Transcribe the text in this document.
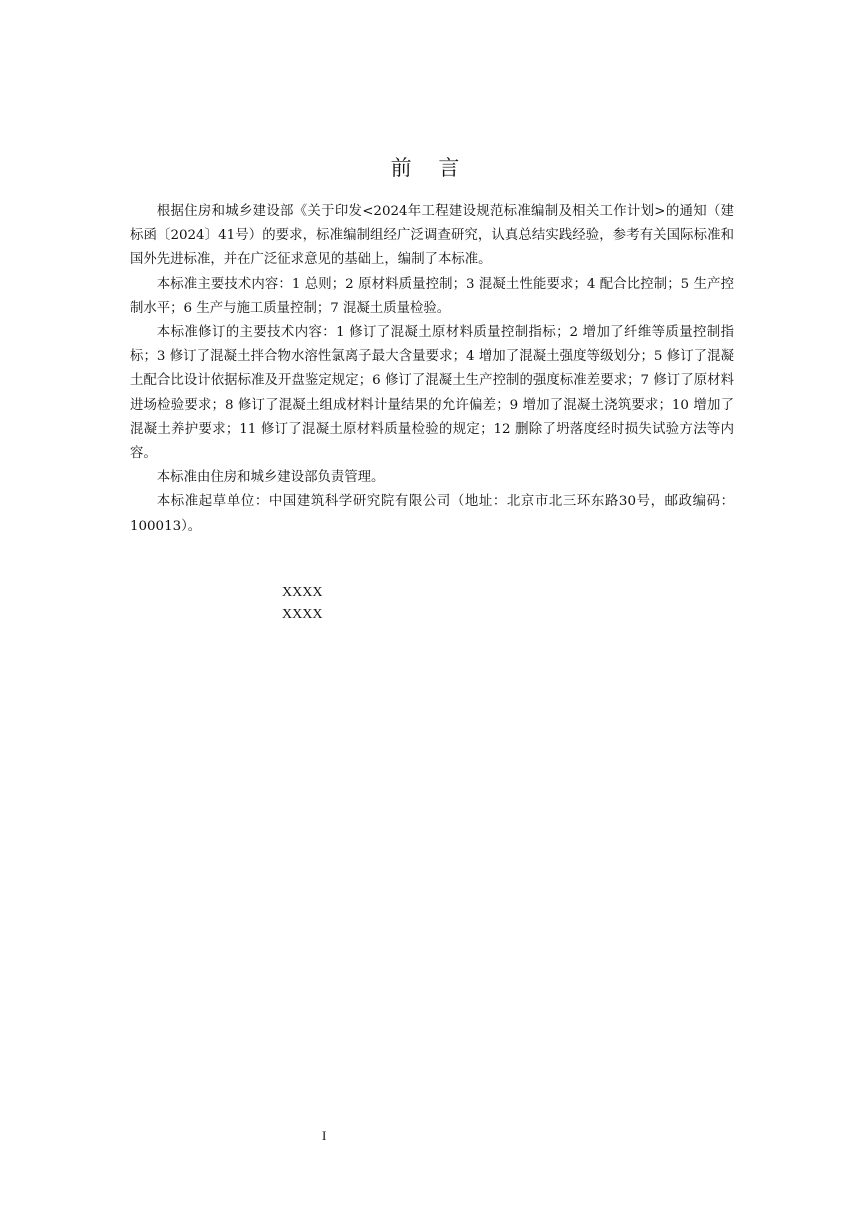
前 言

根据住房和城乡建设部《关于印发<2024年工程建设规范标准编制及相关工作计划>的通知（建标函〔2024〕41号）的要求，标准编制组经广泛调查研究，认真总结实践经验，参考有关国际标准和国外先进标准，并在广泛征求意见的基础上，编制了本标准。

本标准主要技术内容：1 总则；2 原材料质量控制；3 混凝土性能要求；4 配合比控制；5 生产控制水平；6 生产与施工质量控制；7 混凝土质量检验。

本标准修订的主要技术内容：1 修订了混凝土原材料质量控制指标；2 增加了纤维等质量控制指标；3 修订了混凝土拌合物水溶性氯离子最大含量要求；4 增加了混凝土强度等级划分；5 修订了混凝土配合比设计依据标准及开盘鉴定规定；6 修订了混凝土生产控制的强度标准差要求；7 修订了原材料进场检验要求；8 修订了混凝土组成材料计量结果的允许偏差；9 增加了混凝土浇筑要求；10 增加了混凝土养护要求；11 修订了混凝土原材料质量检验的规定；12 删除了坍落度经时损失试验方法等内容。

本标准由住房和城乡建设部负责管理。

本标准起草单位：中国建筑科学研究院有限公司（地址：北京市北三环东路30号，邮政编码：100013）。

XXXX
XXXX
I
